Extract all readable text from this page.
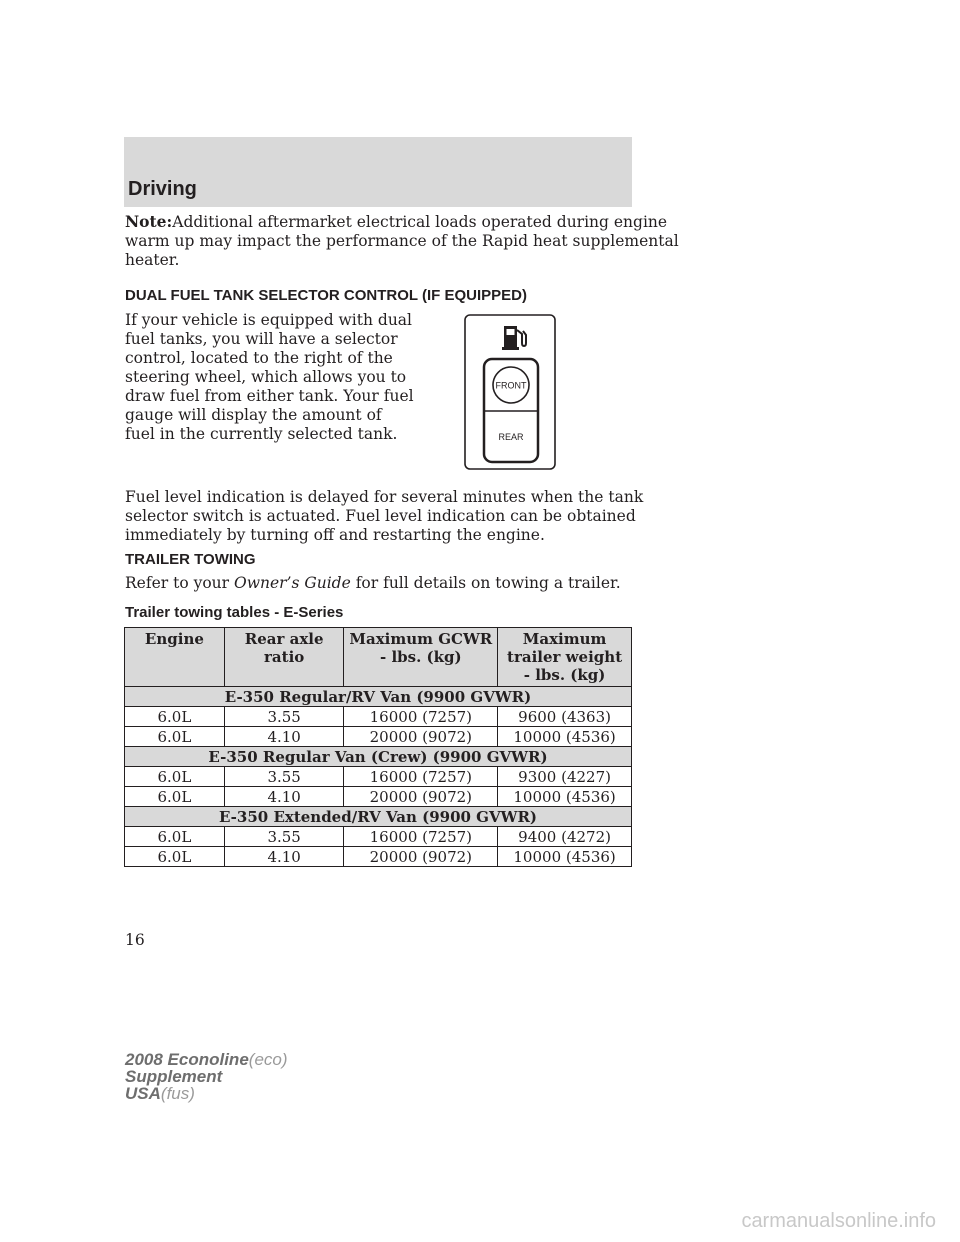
Driving

Note:Additional aftermarket electrical loads operated during engine
warm up may impact the performance of the Rapid heat supplemental
heater.

DUAL FUEL TANK SELECTOR CONTROL (IF EQUIPPED)

If your vehicle is equipped with dual
fuel tanks, you will have a selector
control, located to the right of the
steering wheel, which allows you to
draw fuel from either tank. Your fuel
gauge will display the amount of
fuel in the currently selected tank.

FRONT
REAR

Fuel level indication is delayed for several minutes when the tank
selector switch is actuated. Fuel level indication can be obtained
immediately by turning off and restarting the engine.

TRAILER TOWING

Refer to your Owner’s Guide for full details on towing a trailer.

Trailer towing tables - E-Series
Engine	Rear axle ratio	Maximum GCWR - lbs. (kg)	Maximum trailer weight - lbs. (kg)
E-350 Regular/RV Van (9900 GVWR)			
6.0L	3.55	16000 (7257)	9600 (4363)
6.0L	4.10	20000 (9072)	10000 (4536)
E-350 Regular Van (Crew) (9900 GVWR)			
6.0L	3.55	16000 (7257)	9300 (4227)
6.0L	4.10	20000 (9072)	10000 (4536)
E-350 Extended/RV Van (9900 GVWR)			
6.0L	3.55	16000 (7257)	9400 (4272)
6.0L	4.10	20000 (9072)	10000 (4536)

16

2008 Econoline(eco)
Supplement
USA(fus)
carmanualsonline.info
